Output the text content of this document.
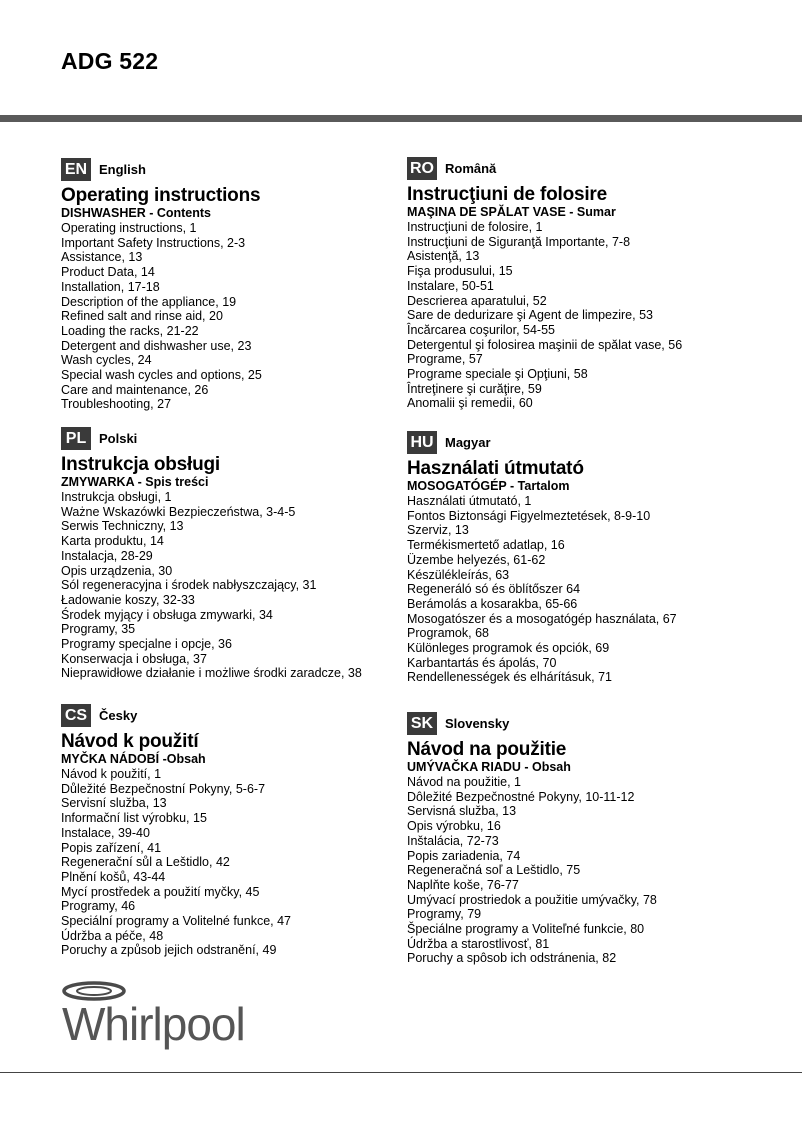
ADG 522
EN English
Operating instructions
DISHWASHER - Contents
Operating instructions, 1
Important Safety Instructions, 2-3
Assistance, 13
Product Data, 14
Installation, 17-18
Description of the appliance, 19
Refined salt and rinse aid, 20
Loading the racks, 21-22
Detergent and dishwasher use, 23
Wash cycles, 24
Special wash cycles and options, 25
Care and maintenance, 26
Troubleshooting, 27
PL Polski
Instrukcja obsługi
ZMYWARKA - Spis treści
Instrukcja obsługi, 1
Ważne Wskazówki Bezpieczeństwa, 3-4-5
Serwis Techniczny, 13
Karta produktu, 14
Instalacja, 28-29
Opis urządzenia, 30
Sól regeneracyjna i środek nabłyszczający, 31
Ładowanie koszy, 32-33
Środek myjący i obsługa zmywarki, 34
Programy, 35
Programy specjalne i opcje, 36
Konserwacja i obsługa, 37
Nieprawidłowe działanie i możliwe środki zaradcze, 38
CS Česky
Návod k použití
MYČKA NÁDOBÍ -Obsah
Návod k použití, 1
Důležité Bezpečnostní Pokyny, 5-6-7
Servisní služba, 13
Informační list výrobku, 15
Instalace, 39-40
Popis zařízení, 41
Regenerační sůl a Leštidlo, 42
Plnění košů, 43-44
Mycí prostředek a použití myčky, 45
Programy, 46
Speciální programy a Volitelné funkce, 47
Údržba a péče, 48
Poruchy a způsob jejich odstranění, 49
RO Română
Instrucţiuni de folosire
MAŞINA DE SPĂLAT VASE - Sumar
Instrucţiuni de folosire, 1
Instrucţiuni de Siguranţă Importante, 7-8
Asistenţă, 13
Fişa produsului, 15
Instalare, 50-51
Descrierea aparatului, 52
Sare de dedurizare şi Agent de limpezire, 53
Încărcarea coşurilor, 54-55
Detergentul şi folosirea maşinii de spălat vase, 56
Programe, 57
Programe speciale şi Opţiuni, 58
Întreţinere şi curăţire, 59
Anomalii şi remedii, 60
HU Magyar
Használati útmutató
MOSOGATÓGÉP - Tartalom
Használati útmutató, 1
Fontos Biztonsági Figyelmeztetések, 8-9-10
Szerviz, 13
Termékismertető adatlap, 16
Üzembe helyezés, 61-62
Készülékleírás, 63
Regeneráló só és öblítőszer 64
Berámolás a kosarakba, 65-66
Mosogatószer és a mosogatógép használata, 67
Programok, 68
Különleges programok és opciók, 69
Karbantartás és ápolás, 70
Rendellenességek és elhárításuk, 71
SK Slovensky
Návod na použitie
UMÝVAČKA RIADU - Obsah
Návod na použitie, 1
Dôležité Bezpečnostné Pokyny, 10-11-12
Servisná služba, 13
Opis výrobku, 16
Inštalácia, 72-73
Popis zariadenia, 74
Regeneračná soľ a Leštidlo, 75
Naplňte koše, 76-77
Umývací prostriedok a použitie umývačky, 78
Programy, 79
Špeciálne programy a Voliteľné funkcie, 80
Údržba a starostlivosť, 81
Poruchy a spôsob ich odstránenia, 82
Whirlpool
